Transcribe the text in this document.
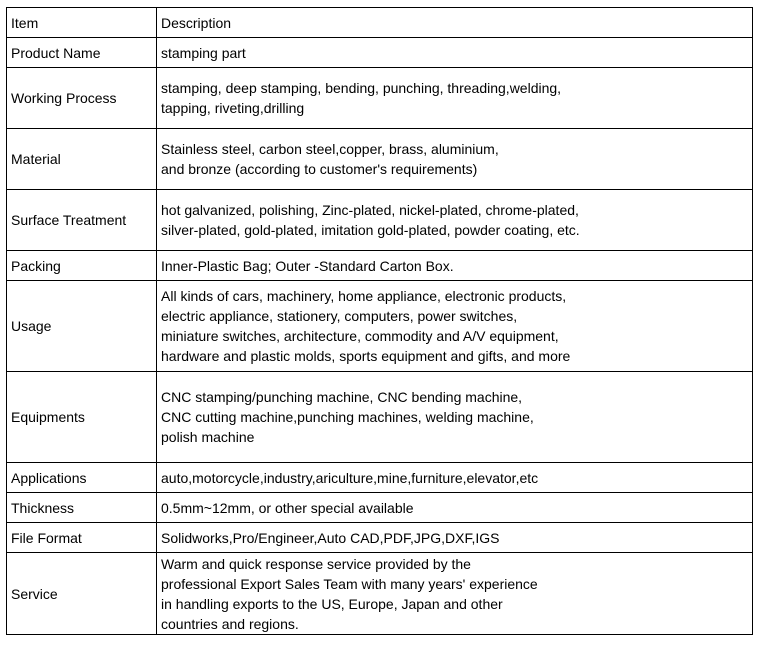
Item	Description
Product Name	stamping part

Working Process	stamping, deep stamping, bending, punching, threading,welding,
tapping, riveting,drilling

Material	Stainless steel, carbon steel,copper, brass, aluminium,
and bronze (according to customer's requirements)

Surface Treatment	hot galvanized, polishing, Zinc-plated, nickel-plated, chrome-plated,
silver-plated, gold-plated, imitation gold-plated, powder coating, etc.

Packing	Inner-Plastic Bag; Outer -Standard Carton Box.

Usage	All kinds of cars, machinery, home appliance, electronic products,
electric appliance, stationery, computers, power switches,
miniature switches, architecture, commodity and A/V equipment,
hardware and plastic molds, sports equipment and gifts, and more

Equipments	CNC stamping/punching machine, CNC bending machine,
CNC cutting machine,punching machines, welding machine,
polish machine

Applications	auto,motorcycle,industry,ariculture,mine,furniture,elevator,etc

Thickness	0.5mm~12mm, or other special available

File Format	Solidworks,Pro/Engineer,Auto CAD,PDF,JPG,DXF,IGS

Service	Warm and quick response service provided by the
professional Export Sales Team with many years' experience
in handling exports to the US, Europe, Japan and other
countries and regions.
